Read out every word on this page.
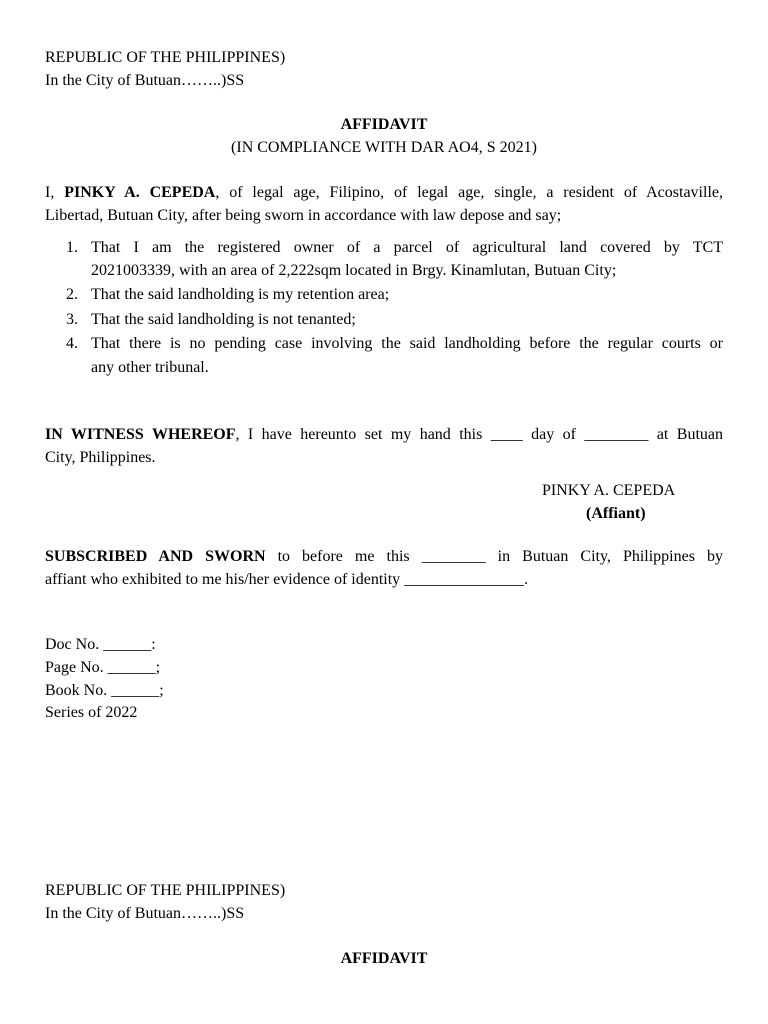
REPUBLIC OF THE PHILIPPINES)
In the City of Butuan……..)SS
AFFIDAVIT
(IN COMPLIANCE WITH DAR AO4, S 2021)
I, PINKY A. CEPEDA, of legal age, Filipino, of legal age, single, a resident of Acostaville,
Libertad, Butuan City, after being sworn in accordance with law depose and say;
1. That I am the registered owner of a parcel of agricultural land covered by TCT
2021003339, with an area of 2,222sqm located in Brgy. Kinamlutan, Butuan City;
2. That the said landholding is my retention area;
3. That the said landholding is not tenanted;
4. That there is no pending case involving the said landholding before the regular courts or
any other tribunal.
IN WITNESS WHEREOF, I have hereunto set my hand this ____ day of ________ at Butuan
City, Philippines.
PINKY A. CEPEDA
(Affiant)
SUBSCRIBED AND SWORN to before me this ________ in Butuan City, Philippines by
affiant who exhibited to me his/her evidence of identity _______________.
Doc No. ______:
Page No. ______;
Book No. ______;
Series of 2022
REPUBLIC OF THE PHILIPPINES)
In the City of Butuan……..)SS
AFFIDAVIT
